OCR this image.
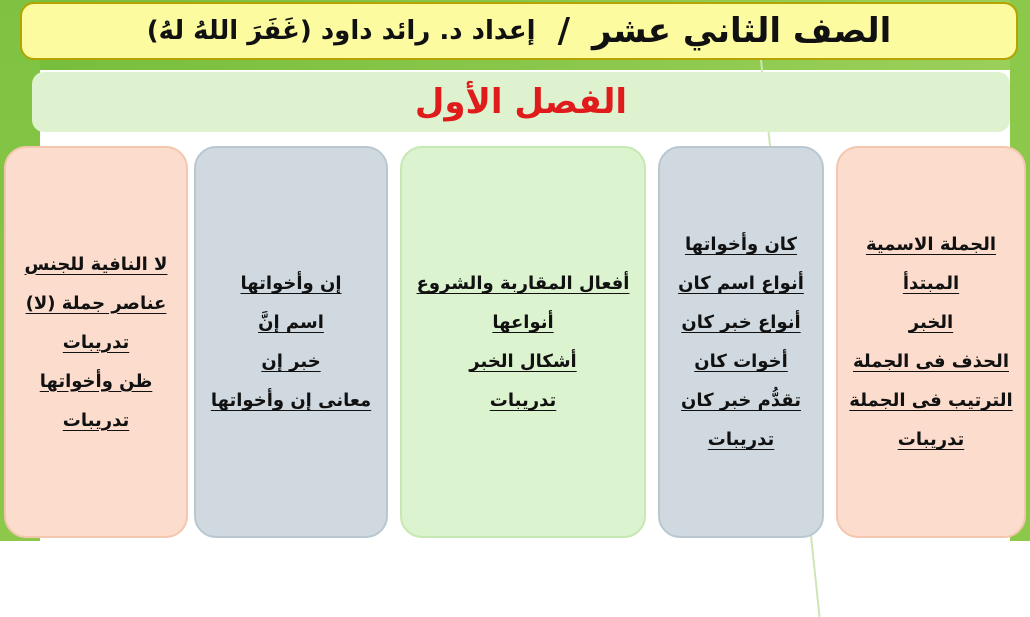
الصف الثاني عشر
/
إعداد د. رائد داود (غَفَرَ اللهُ لهُ)
الفصل الأول
الجملة الاسمية
المبتدأ
الخبر
الحذف فى الجملة
الترتيب فى الجملة
تدريبات
كان وأخواتها
أنواع اسم كان
أنواع خبر كان
أخوات كان
تقدُّم خبر كان
تدريبات
أفعال المقاربة والشروع
أنواعها
أشكال الخبر
تدريبات
إن وأخواتها
اسم إنَّ
خبر إن
معانى إن وأخواتها
لا النافية للجنس
عناصر جملة (لا)
تدريبات
ظن وأخواتها
تدريبات
